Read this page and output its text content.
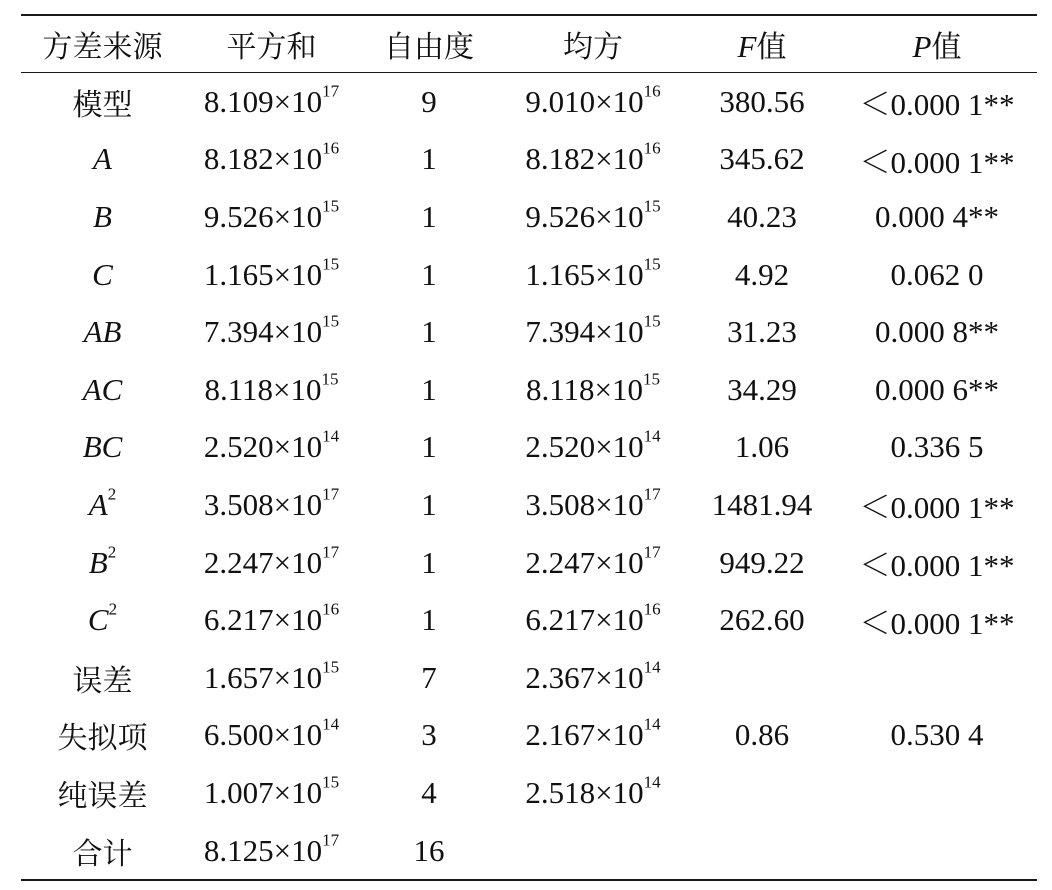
方差来源	平方和	自由度	均方	F值	P值
模型	$8.109\times 10^{17}$	9	$9.010\times 10^{16}$	380.56	＜0.000 1**
A	$8.182\times 10^{16}$	1	$8.182\times 10^{16}$	345.62	＜0.000 1**
B	$9.526\times 10^{15}$	1	$9.526\times 10^{15}$	40.23	0.000 4**
C	$1.165\times 10^{15}$	1	$1.165\times 10^{15}$	4.92	0.062 0
AB	$7.394\times 10^{15}$	1	$7.394\times 10^{15}$	31.23	0.000 8**
AC	$8.118\times 10^{15}$	1	$8.118\times 10^{15}$	34.29	0.000 6**
BC	$2.520\times 10^{14}$	1	$2.520\times 10^{14}$	1.06	0.336 5
$A^2$	$3.508\times 10^{17}$	1	$3.508\times 10^{17}$	1481.94	＜0.000 1**
$B^2$	$2.247\times 10^{17}$	1	$2.247\times 10^{17}$	949.22	＜0.000 1**
$C^2$	$6.217\times 10^{16}$	1	$6.217\times 10^{16}$	262.60	＜0.000 1**
误差	$1.657\times 10^{15}$	7	$2.367\times 10^{14}$		
失拟项	$6.500\times 10^{14}$	3	$2.167\times 10^{14}$	0.86	0.530 4
纯误差	$1.007\times 10^{15}$	4	$2.518\times 10^{14}$		
合计	$8.125\times 10^{17}$	16			
